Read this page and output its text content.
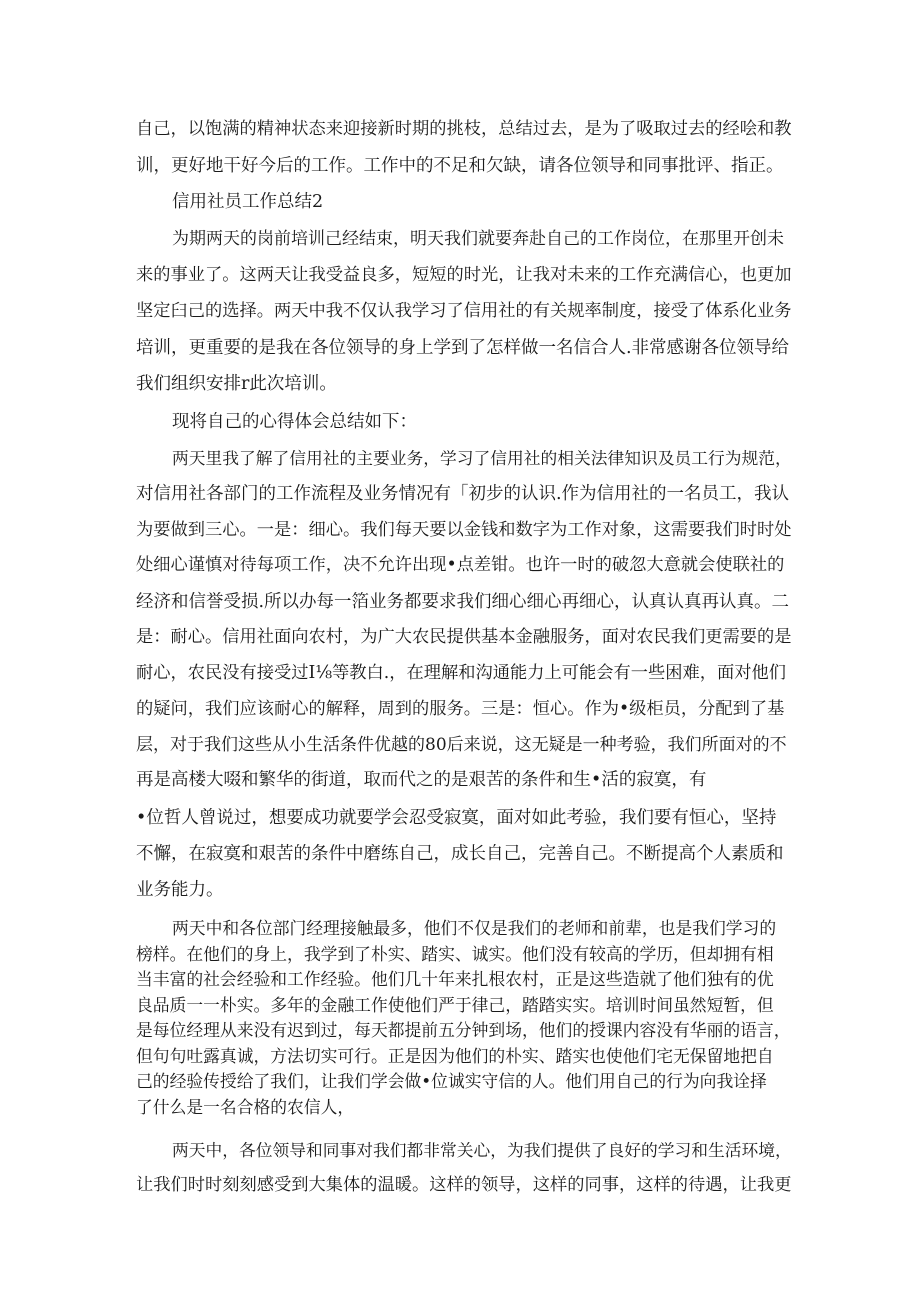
自己，以饱满的精神状态来迎接新时期的挑枝，总结过去，是为了吸取过去的经哙和教
训，更好地干好今后的工作。工作中的不足和欠缺，请各位领导和同事批评、指正。
信用社员工作总结2
为期两天的岗前培训己经结束，明天我们就要奔赴自己的工作岗位，在那里开创未
来的事业了。这两天让我受益良多，短短的时光，让我对未来的工作充满信心，也更加
坚定臼己的选择。两天中我不仅认我学习了信用社的有关规率制度，接受了体系化业务
培训，更重要的是我在各位领导的身上学到了怎样做一名信合人.非常感谢各位领导给
我们组织安排r此次培训。
现将自己的心得体会总结如下：
两天里我了解了信用社的主要业务，学习了信用社的相关法律知识及员工行为规范，
对信用社各部门的工作流程及业务情况有「初步的认识.作为信用社的一名员工，我认
为要做到三心。一是：细心。我们每天要以金钱和数字为工作对象，这需要我们时时处
处细心谨慎对待每项工作，决不允许出现•点差钳。也许一时的破忽大意就会使联社的
经济和信誉受损.所以办每一箔业务都要求我们细心细心再细心，认真认真再认真。二
是：耐心。信用社面向农村，为广大农民提供基本金融服务，面对农民我们更需要的是
耐心，农民没有接受过I⅛等教白.，在理解和沟通能力上可能会有一些困难，面对他们
的疑问，我们应该耐心的解释，周到的服务。三是：恒心。作为•级柜员，分配到了基
层，对于我们这些从小生活条件优越的80后来说，这无疑是一种考验，我们所面对的不
再是高楼大啜和繁华的街道，取而代之的是艰苦的条件和生•活的寂寞，有
•位哲人曾说过，想要成功就要学会忍受寂寞，面对如此考验，我们要有恒心，坚持
不懈，在寂寞和艰苦的条件中磨练自己，成长自己，完善自己。不断提高个人素质和
业务能力。
两天中和各位部门经理接触最多，他们不仅是我们的老师和前辈，也是我们学习的
榜样。在他们的身上，我学到了朴实、踏实、诚实。他们没有较高的学历，但却拥有相
当丰富的社会经验和工作经验。他们几十年来扎根农村，正是这些造就了他们独有的优
良品质一一朴实。多年的金融工作使他们严于律己，踏踏实实。培训时间虽然短暂，但
是每位经理从来没有迟到过，每天都提前五分钟到场，他们的授课内容没有华丽的语言，
但句句吐露真诚，方法切实可行。正是因为他们的朴实、踏实也使他们宅无保留地把自
己的经验传授给了我们，让我们学会做•位诚实守信的人。他们用自己的行为向我诠择
了什么是一名合格的农信人，
两天中，各位领导和同事对我们都非常关心，为我们提供了良好的学习和生活环境，
让我们时时刻刻感受到大集体的温暖。这样的领导，这样的同事，这样的待遇，让我更
